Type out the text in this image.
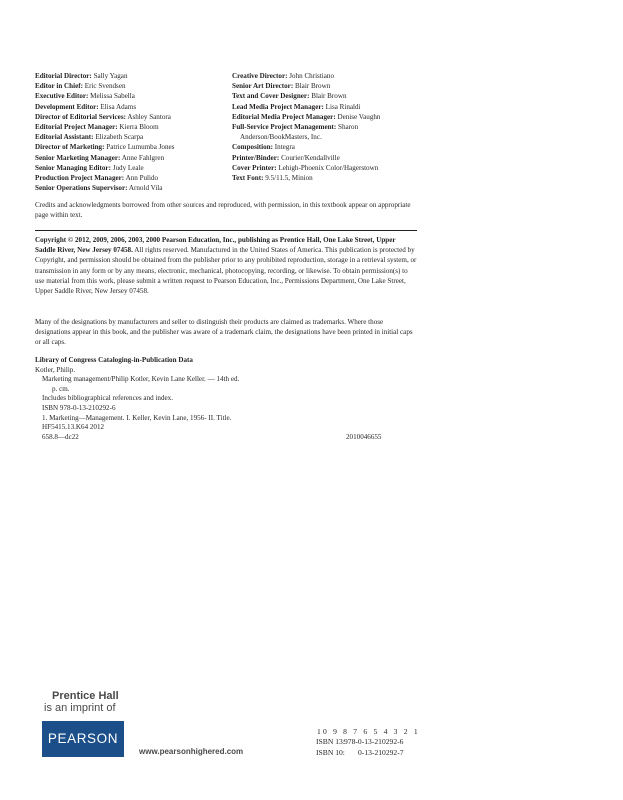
Editorial Director: Sally Yagan
Editor in Chief: Eric Svendsen
Executive Editor: Melissa Sabella
Development Editor: Elisa Adams
Director of Editorial Services: Ashley Santora
Editorial Project Manager: Kierra Bloom
Editorial Assistant: Elizabeth Scarpa
Director of Marketing: Patrice Lumumba Jones
Senior Marketing Manager: Anne Fahlgren
Senior Managing Editor: Judy Leale
Production Project Manager: Ann Pulido
Senior Operations Supervisor: Arnold Vila
Creative Director: John Christiano
Senior Art Director: Blair Brown
Text and Cover Designer: Blair Brown
Lead Media Project Manager: Lisa Rinaldi
Editorial Media Project Manager: Denise Vaughn
Full-Service Project Management: Sharon
Anderson/BookMasters, Inc.
Composition: Integra
Printer/Binder: Courier/Kendallville
Cover Printer: Lehigh-Phoenix Color/Hagerstown
Text Font: 9.5/11.5, Minion

Credits and acknowledgments borrowed from other sources and reproduced, with permission, in this textbook appear on appropriate page within text.

Copyright © 2012, 2009, 2006, 2003, 2000 Pearson Education, Inc., publishing as Prentice Hall, One Lake Street, Upper Saddle River, New Jersey 07458. All rights reserved. Manufactured in the United States of America. This publication is protected by Copyright, and permission should be obtained from the publisher prior to any prohibited reproduction, storage in a retrieval system, or transmission in any form or by any means, electronic, mechanical, photocopying, recording, or likewise. To obtain permission(s) to use material from this work, please submit a written request to Pearson Education, Inc., Permissions Department, One Lake Street, Upper Saddle River, New Jersey 07458.

Many of the designations by manufacturers and seller to distinguish their products are claimed as trademarks. Where those designations appear in this book, and the publisher was aware of a trademark claim, the designations have been printed in initial caps or all caps.

Library of Congress Cataloging-in-Publication Data
Kotler, Philip.
Marketing management/Philip Kotler, Kevin Lane Keller. — 14th ed.
p. cm.
Includes bibliographical references and index.
ISBN 978-0-13-210292-6
1. Marketing—Management. I. Keller, Kevin Lane, 1956- II. Title.
HF5415.13.K64 2012
658.8—dc22	2010046655
Prentice Hall
is an imprint of
PEARSON
www.pearsonhighered.com
10 9 8 7 6 5 4 3 2 1
ISBN 13: 978-0-13-210292-6
ISBN 10: 0-13-210292-7
